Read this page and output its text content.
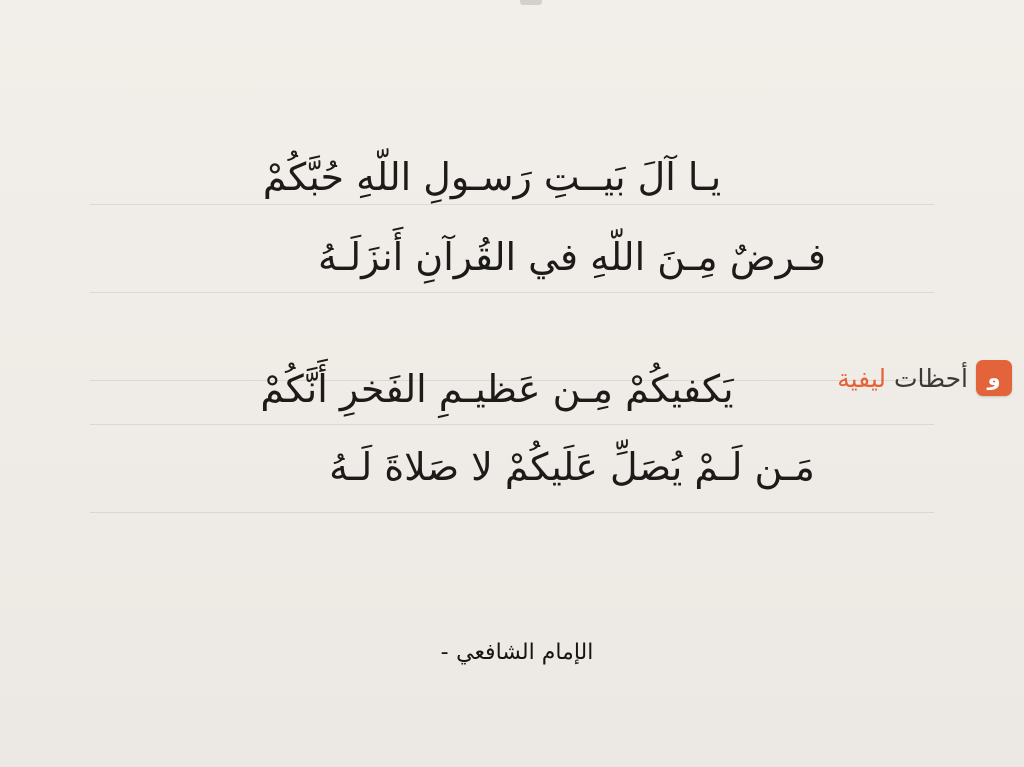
يـا آلَ بَيــتِ رَسـولِ اللّهِ حُبَّكُمْ

فـرضٌ مِـنَ اللّهِ في القُرآنِ أَنزَلَـهُ

يَكفيكُمْ مِـن عَظيـمِ الفَخرِ أَنَّكُمْ

مَـن لَـمْ يُصَلِّ عَلَيكُمْ لا صَلاةَ لَـهُ

الإمام الشافعي -
و
أحظات ليفية
